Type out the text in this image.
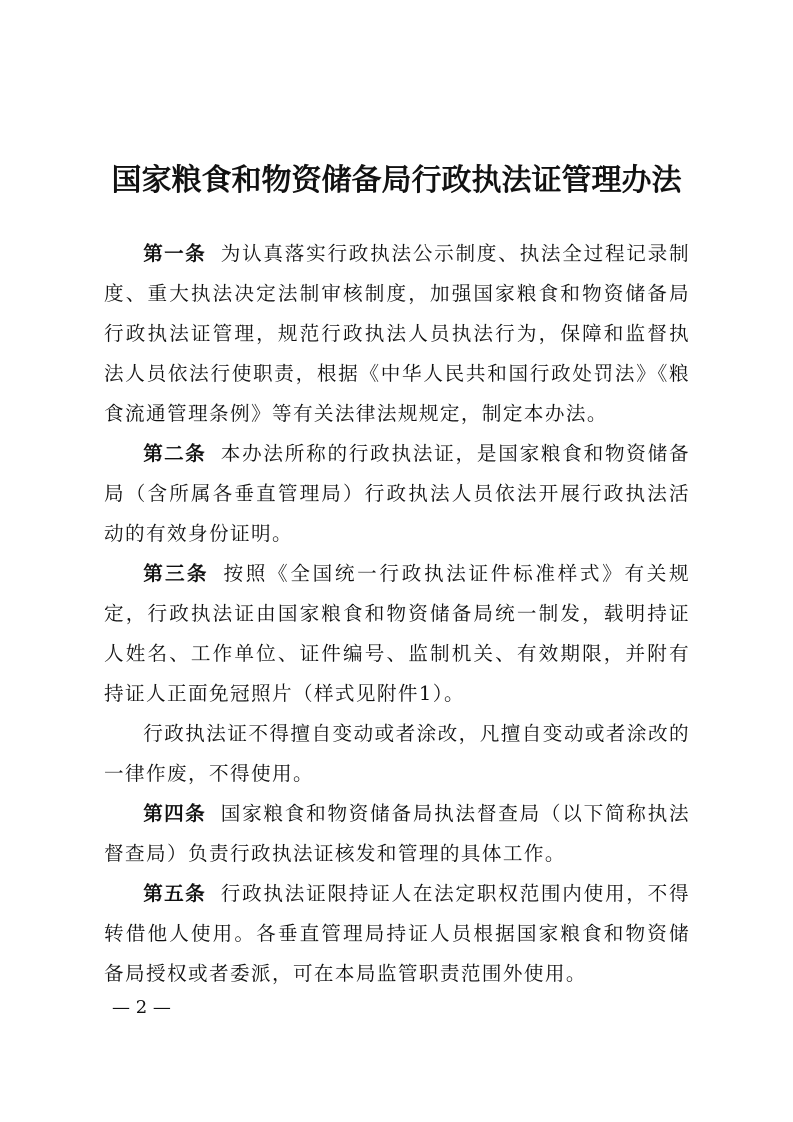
国家粮食和物资储备局行政执法证管理办法

第一条 为认真落实行政执法公示制度、执法全过程记录制度、重大执法决定法制审核制度，加强国家粮食和物资储备局行政执法证管理，规范行政执法人员执法行为，保障和监督执法人员依法行使职责，根据《中华人民共和国行政处罚法》《粮食流通管理条例》等有关法律法规规定，制定本办法。

第二条 本办法所称的行政执法证，是国家粮食和物资储备局（含所属各垂直管理局）行政执法人员依法开展行政执法活动的有效身份证明。

第三条 按照《全国统一行政执法证件标准样式》有关规定，行政执法证由国家粮食和物资储备局统一制发，载明持证人姓名、工作单位、证件编号、监制机关、有效期限，并附有持证人正面免冠照片（样式见附件1）。

行政执法证不得擅自变动或者涂改，凡擅自变动或者涂改的一律作废，不得使用。

第四条 国家粮食和物资储备局执法督查局（以下简称执法督查局）负责行政执法证核发和管理的具体工作。

第五条 行政执法证限持证人在法定职权范围内使用，不得转借他人使用。各垂直管理局持证人员根据国家粮食和物资储备局授权或者委派，可在本局监管职责范围外使用。

— 2 —
